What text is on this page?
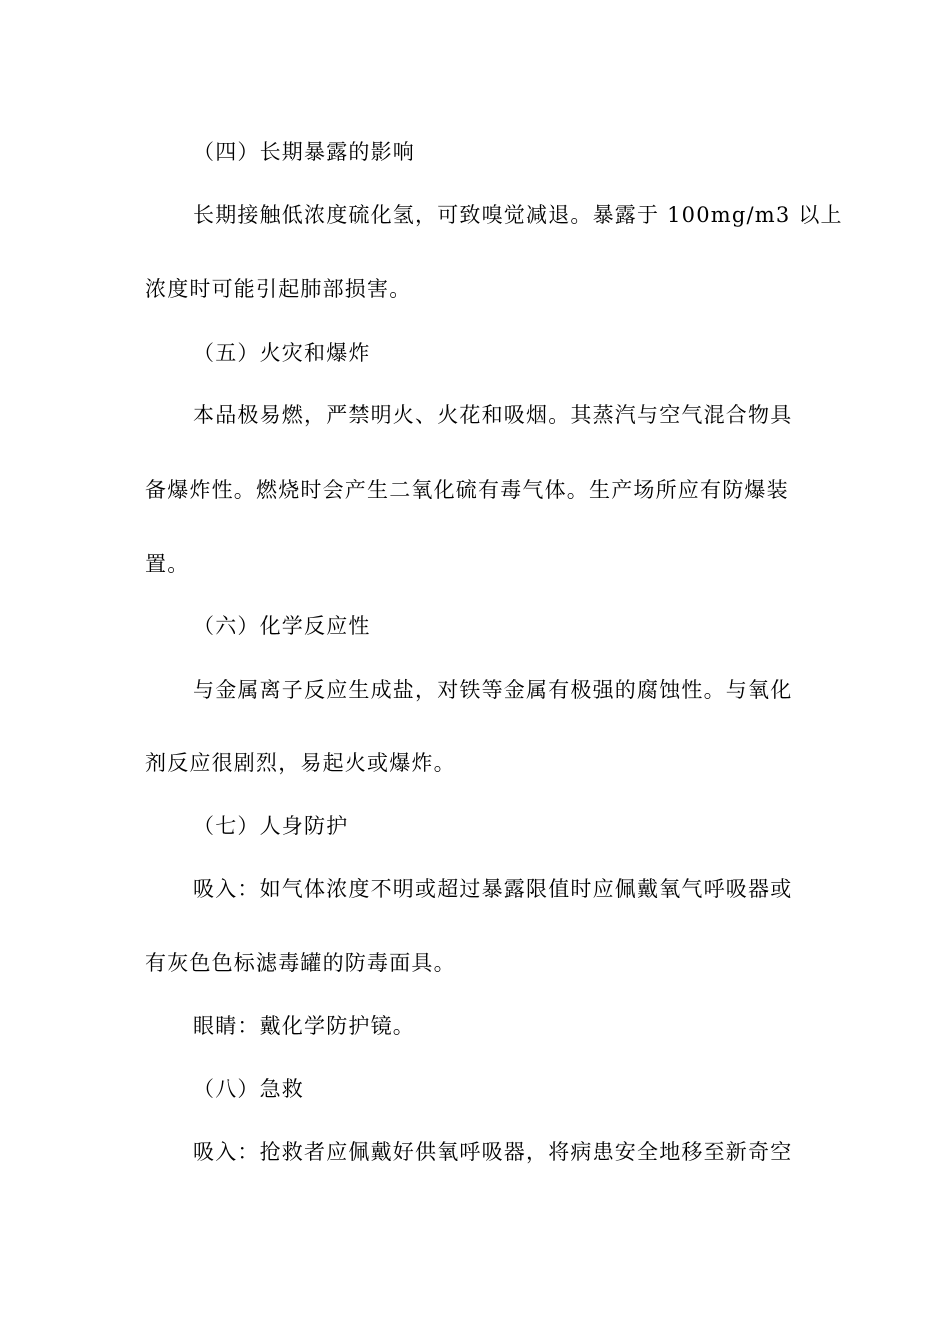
（四）长期暴露的影响

长期接触低浓度硫化氢，可致嗅觉减退。暴露于 100mg/m3 以上

浓度时可能引起肺部损害。

（五）火灾和爆炸

本品极易燃，严禁明火、火花和吸烟。其蒸汽与空气混合物具

备爆炸性。燃烧时会产生二氧化硫有毒气体。生产场所应有防爆装

置。

（六）化学反应性

与金属离子反应生成盐，对铁等金属有极强的腐蚀性。与氧化

剂反应很剧烈，易起火或爆炸。

（七）人身防护

吸入：如气体浓度不明或超过暴露限值时应佩戴氧气呼吸器或

有灰色色标滤毒罐的防毒面具。

眼睛：戴化学防护镜。

（八）急救

吸入：抢救者应佩戴好供氧呼吸器，将病患安全地移至新奇空
